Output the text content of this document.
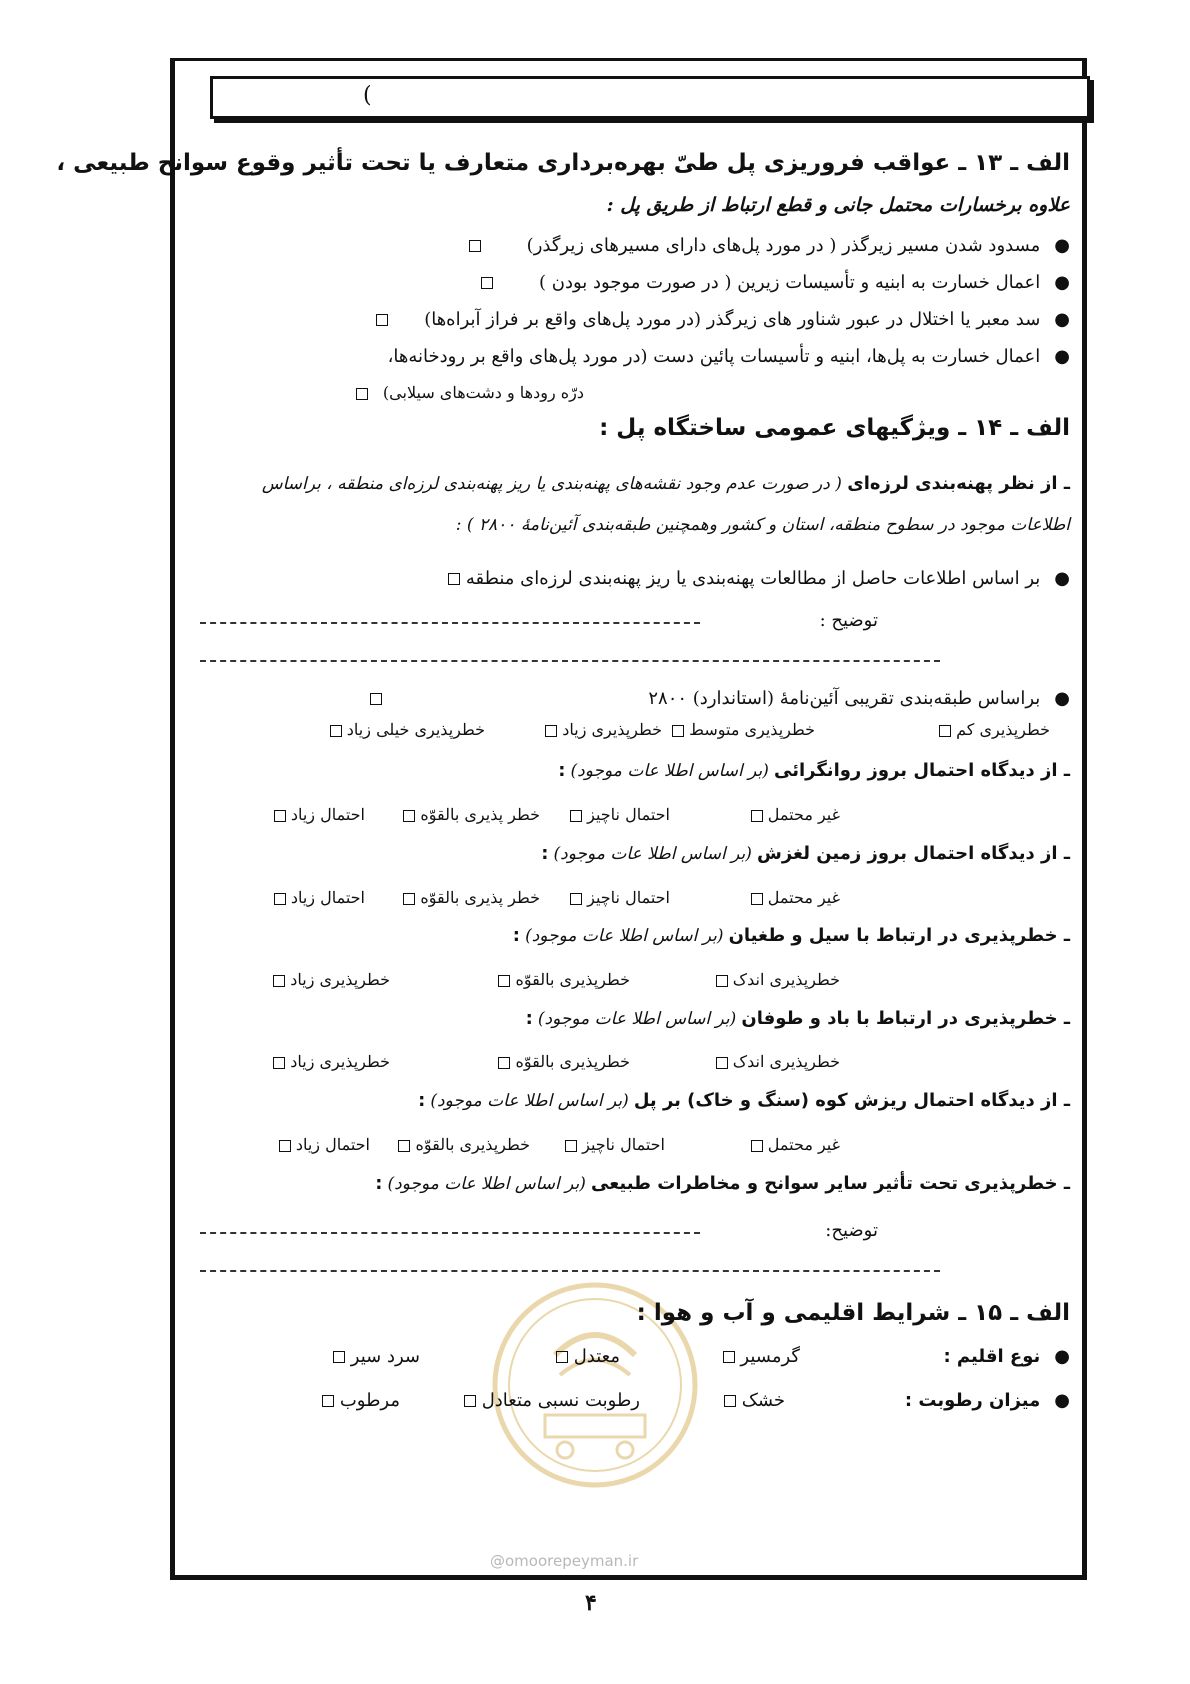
(
الف ـ ۱۳ ـ عواقب فروریزی پل طیّ بهره‌برداری متعارف یا تحت تأثیر وقوع سوانح طبیعی ،
علاوه برخسارات محتمل جانی و قطع ارتباط از طریق پل :
●مسدود شدن مسیر زیرگذر ( در مورد پل‌های دارای مسیرهای زیرگذر)
●اعمال خسارت به ابنیه و تأسیسات زیرین ( در صورت موجود بودن )
●سد معبر یا اختلال در عبور شناور های زیرگذر (در مورد پل‌های واقع بر فراز آبراه‌ها)
●اعمال خسارت به پل‌ها، ابنیه و تأسیسات پائین دست (در مورد پل‌های واقع بر رودخانه‌ها،
درّه رودها و دشت‌های سیلابی)
الف ـ ۱۴ ـ ویژگیهای عمومی ساختگاه پل :
ـ از نظر پهنه‌بندی لرزه‌ای ( در صورت عدم وجود نقشه‌های پهنه‌بندی یا ریز پهنه‌بندی لرزه‌ای منطقه ، براساس
اطلاعات موجود در سطوح منطقه، استان و کشور وهمچنین طبقه‌بندی آئین‌نامهٔ ۲۸۰۰ ) :
●بر اساس اطلاعات حاصل از مطالعات پهنه‌بندی یا ریز پهنه‌بندی لرزه‌ای منطقه
توضیح :
●براساس طبقه‌بندی تقریبی آئین‌نامهٔ (استاندارد) ۲۸۰۰
خطرپذیری کم
خطرپذیری متوسط
خطرپذیری زیاد
خطرپذیری خیلی زیاد
ـ از دیدگاه احتمال بروز روانگرائی (بر اساس اطلا عات موجود) :
غیر محتمل
احتمال ناچیز
خطر پذیری بالقوّه
احتمال زیاد
ـ از دیدگاه احتمال بروز زمین لغزش (بر اساس اطلا عات موجود) :
غیر محتمل
احتمال ناچیز
خطر پذیری بالقوّه
احتمال زیاد
ـ خطرپذیری در ارتباط با سیل و طغیان (بر اساس اطلا عات موجود) :
خطرپذیری اندک
خطرپذیری بالقوّه
خطرپذیری زیاد
ـ خطرپذیری در ارتباط با باد و طوفان (بر اساس اطلا عات موجود) :
خطرپذیری اندک
خطرپذیری بالقوّه
خطرپذیری زیاد
ـ از دیدگاه احتمال ریزش کوه (سنگ و خاک) بر پل (بر اساس اطلا عات موجود) :
غیر محتمل
احتمال ناچیز
خطرپذیری بالقوّه
احتمال زیاد
ـ خطرپذیری تحت تأثیر سایر سوانح و مخاطرات طبیعی (بر اساس اطلا عات موجود) :
توضیح:
الف ـ ۱۵ ـ شرایط اقلیمی و آب و هوا :
●نوع اقلیم :
گرمسیر
معتدل
سرد سیر
●میزان رطوبت :
خشک
رطوبت نسبی متعادل
مرطوب
@omoorepeyman.ir
۴
